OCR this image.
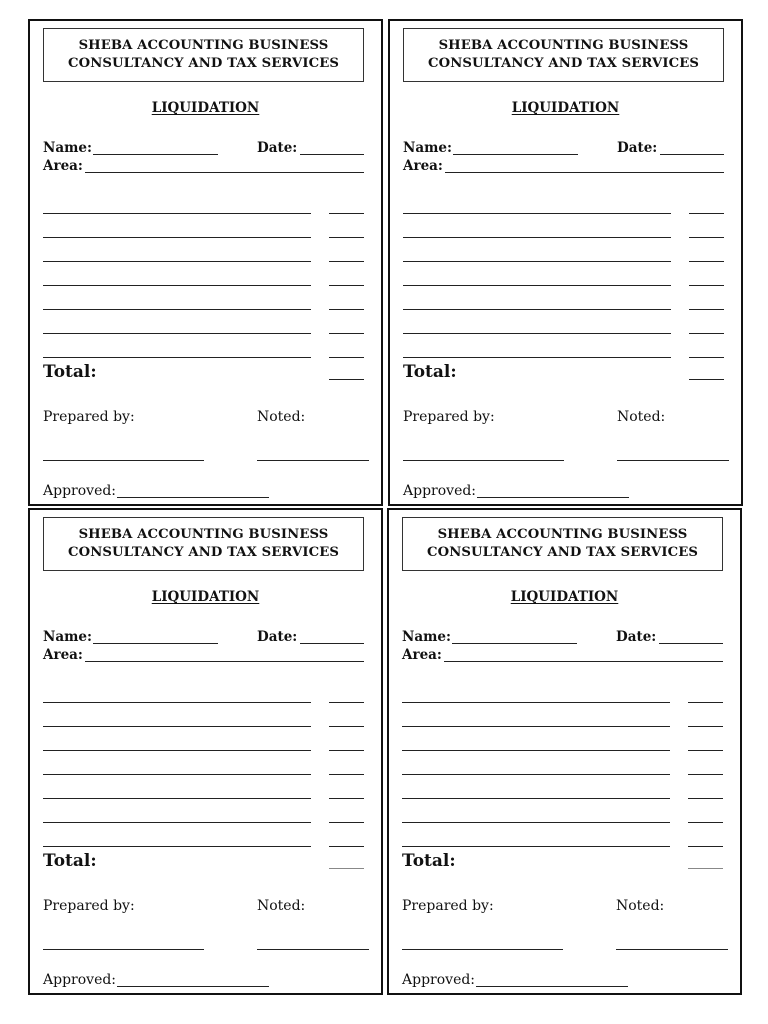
SHEBA ACCOUNTING BUSINESS
CONSULTANCY AND TAX SERVICES
LIQUIDATION
Name:	Date:
Area:
Total:
Prepared by:	Noted:
Approved:
SHEBA ACCOUNTING BUSINESS
CONSULTANCY AND TAX SERVICES
LIQUIDATION
Name:	Date:
Area:
Total:
Prepared by:	Noted:
Approved:
SHEBA ACCOUNTING BUSINESS
CONSULTANCY AND TAX SERVICES
LIQUIDATION
Name:	Date:
Area:
Total:
Prepared by:	Noted:
Approved:
SHEBA ACCOUNTING BUSINESS
CONSULTANCY AND TAX SERVICES
LIQUIDATION
Name:	Date:
Area:
Total:
Prepared by:	Noted:
Approved:
